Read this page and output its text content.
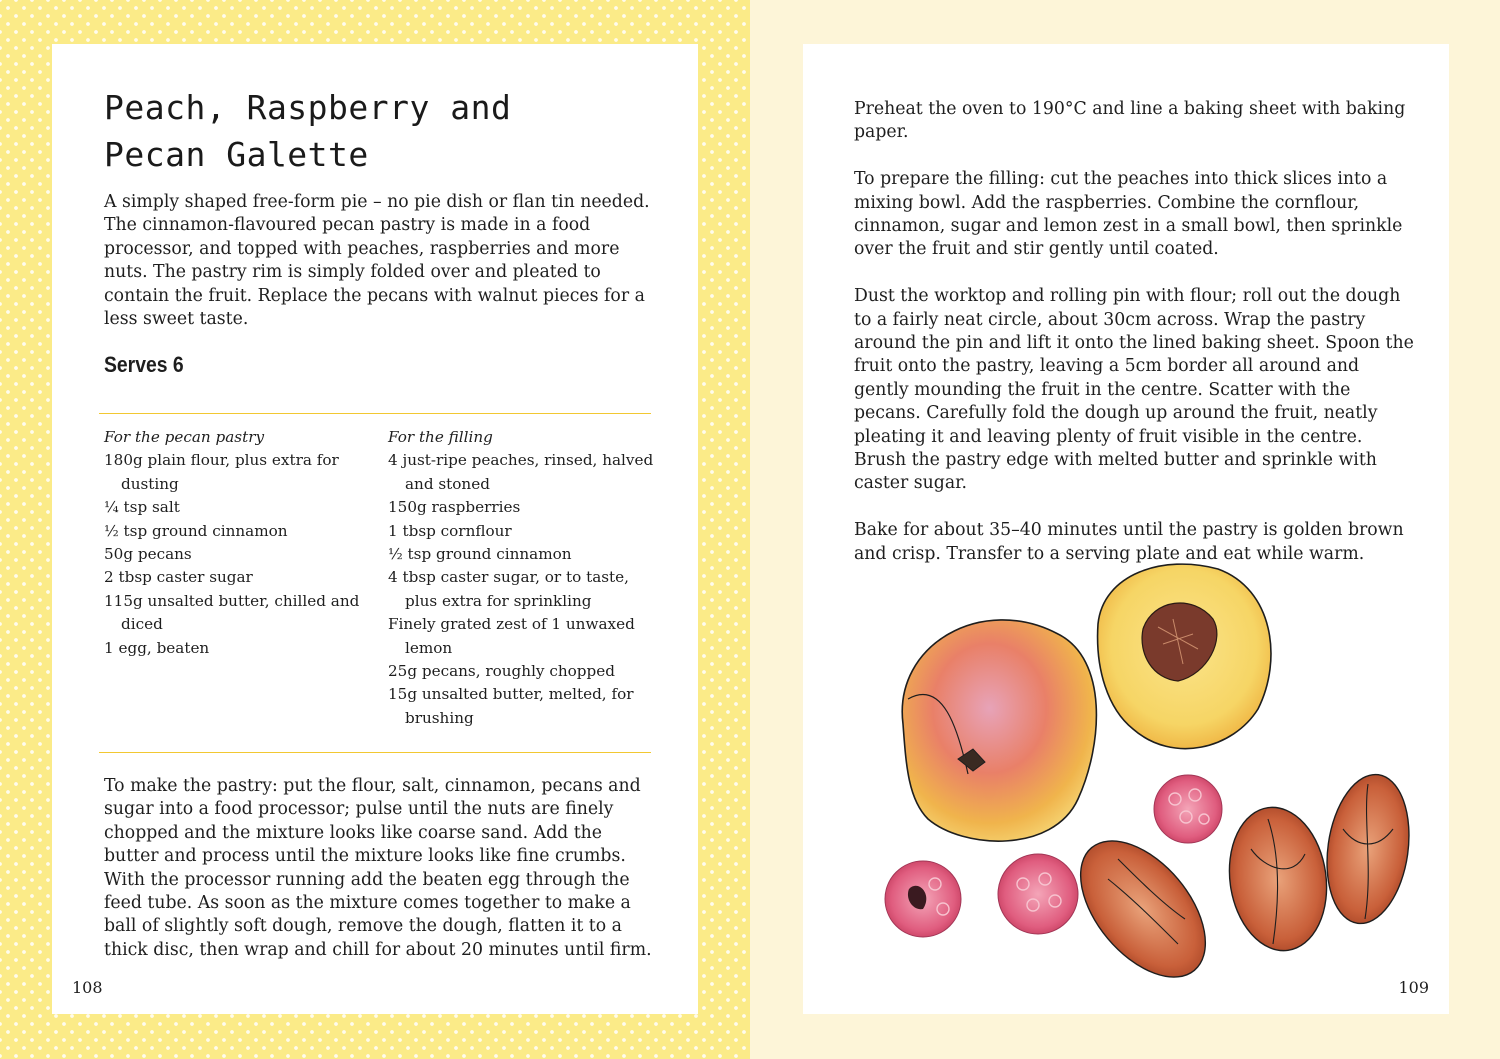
Peach, Raspberry and
Pecan Galette

A simply shaped free-form pie – no pie dish or flan tin needed. The cinnamon-flavoured pecan pastry is made in a food processor, and topped with peaches, raspberries and more nuts. The pastry rim is simply folded over and pleated to contain the fruit. Replace the pecans with walnut pieces for a less sweet taste.

Serves 6
For the pecan pastry
180g plain flour, plus extra for dusting
¼ tsp salt
½ tsp ground cinnamon
50g pecans
2 tbsp caster sugar
115g unsalted butter, chilled and diced
1 egg, beaten
For the filling
4 just-ripe peaches, rinsed, halved and stoned
150g raspberries
1 tbsp cornflour
½ tsp ground cinnamon
4 tbsp caster sugar, or to taste, plus extra for sprinkling
Finely grated zest of 1 unwaxed lemon
25g pecans, roughly chopped
15g unsalted butter, melted, for brushing

To make the pastry: put the flour, salt, cinnamon, pecans and sugar into a food processor; pulse until the nuts are finely chopped and the mixture looks like coarse sand. Add the butter and process until the mixture looks like fine crumbs. With the processor running add the beaten egg through the feed tube. As soon as the mixture comes together to make a ball of slightly soft dough, remove the dough, flatten it to a thick disc, then wrap and chill for about 20 minutes until firm.

108

Preheat the oven to 190°C and line a baking sheet with baking paper.

To prepare the filling: cut the peaches into thick slices into a mixing bowl. Add the raspberries. Combine the cornflour, cinnamon, sugar and lemon zest in a small bowl, then sprinkle over the fruit and stir gently until coated.

Dust the worktop and rolling pin with flour; roll out the dough to a fairly neat circle, about 30cm across. Wrap the pastry around the pin and lift it onto the lined baking sheet. Spoon the fruit onto the pastry, leaving a 5cm border all around and gently mounding the fruit in the centre. Scatter with the pecans. Carefully fold the dough up around the fruit, neatly pleating it and leaving plenty of fruit visible in the centre. Brush the pastry edge with melted butter and sprinkle with caster sugar.

Bake for about 35–40 minutes until the pastry is golden brown and crisp. Transfer to a serving plate and eat while warm.

109
